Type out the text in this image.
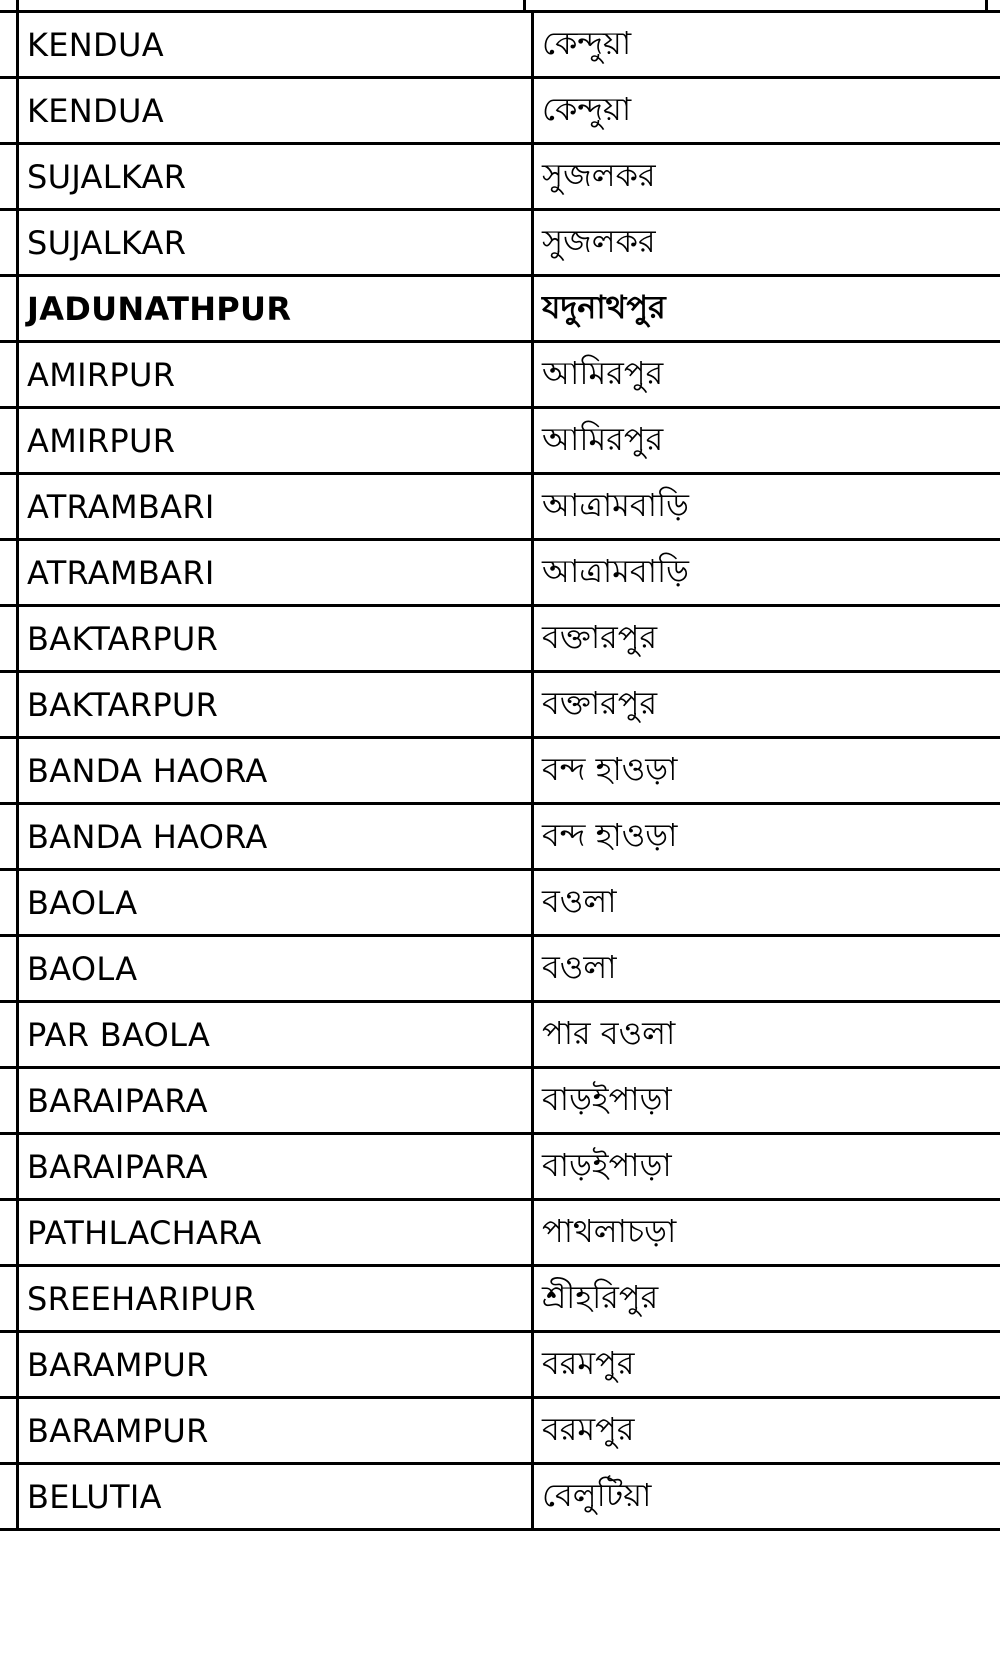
	KENDUA	কেন্দুয়া
	KENDUA	কেন্দুয়া
	SUJALKAR	সুজলকর
	SUJALKAR	সুজলকর
	JADUNATHPUR	যদুনাথপুর
	AMIRPUR	আমিরপুর
	AMIRPUR	আমিরপুর
	ATRAMBARI	আত্রামবাড়ি
	ATRAMBARI	আত্রামবাড়ি
	BAKTARPUR	বক্তারপুর
	BAKTARPUR	বক্তারপুর
	BANDA HAORA	বন্দ হাওড়া
	BANDA HAORA	বন্দ হাওড়া
	BAOLA	বওলা
	BAOLA	বওলা
	PAR BAOLA	পার বওলা
	BARAIPARA	বাড়ইপাড়া
	BARAIPARA	বাড়ইপাড়া
	PATHLACHARA	পাথলাচড়া
	SREEHARIPUR	শ্রীহরিপুর
	BARAMPUR	বরমপুর
	BARAMPUR	বরমপুর
	BELUTIA	বেলুটিয়া
